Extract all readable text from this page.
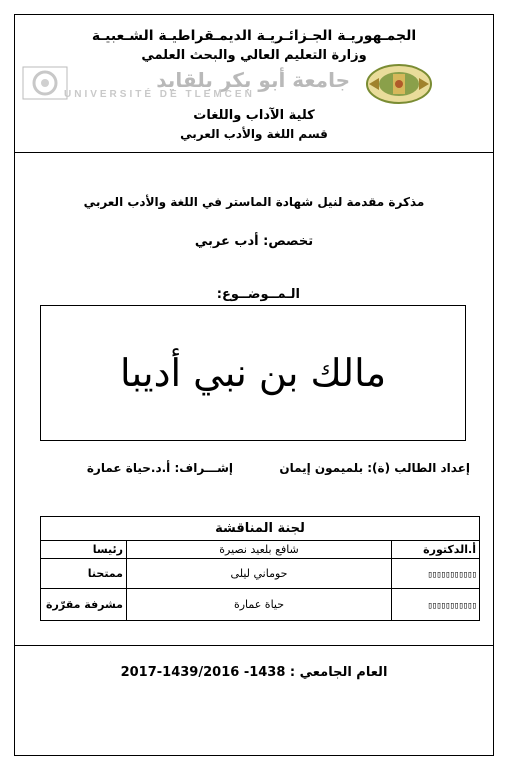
الجمـهوريـة الجـزائـريـة الديمـقراطيـة الشـعبيـة
وزارة التعليم العالي والبحث العلمي
جامعة أبو بكر بلقايد
UNIVERSITÉ DE TLEMCEN
كلية الآداب واللغات
قسم اللغة والأدب العربي
مذكرة مقدمة لنيل شهادة الماستر في اللغة والأدب العربي
تخصص: أدب عربي
الـمــوضــوع:
مالك بن نبي أديبا
إعداد الطالب (ة): بلميمون إيمان
إشـــراف: أ.د.حياة عمارة
لجنة المناقشة
أ.الدكتورة	شافع بلعيد نصيرة	رئيسا
▯▯▯▯▯▯▯▯▯▯▯	حوماني ليلى	ممتحنا
▯▯▯▯▯▯▯▯▯▯▯	حياة عمارة	مشرفة مقرّرة
العام الجامعي : 1438- 1439/2016-2017
